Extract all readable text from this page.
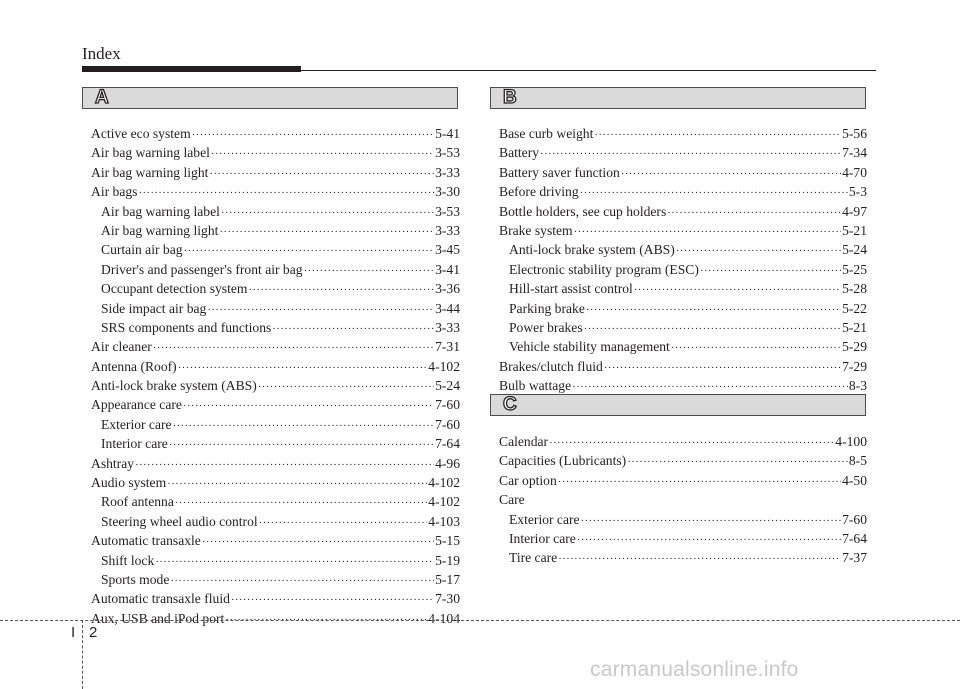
Index
A
Active eco system ·····	5-41
Air bag warning label ·····	3-53
Air bag warning light ·····	3-33
Air bags ·····	3-30
Air bag warning label ·····	3-53
Air bag warning light ·····	3-33
Curtain air bag ·····	3-45
Driver's and passenger's front air bag ·····	3-41
Occupant detection system ·····	3-36
Side impact air bag ·····	3-44
SRS components and functions ·····	3-33
Air cleaner ·····	7-31
Antenna (Roof) ·····	4-102
Anti-lock brake system (ABS) ·····	5-24
Appearance care ·····	7-60
Exterior care ·····	7-60
Interior care ·····	7-64
Ashtray ·····	4-96
Audio system ·····	4-102
Roof antenna ·····	4-102
Steering wheel audio control ·····	4-103
Automatic transaxle ·····	5-15
Shift lock ·····	5-19
Sports mode ·····	5-17
Automatic transaxle fluid ·····	7-30
Aux, USB and iPod port ·····	4-104
B
Base curb weight ·····	5-56
Battery ·····	7-34
Battery saver function ·····	4-70
Before driving ·····	5-3
Bottle holders, see cup holders ·····	4-97
Brake system ·····	5-21
Anti-lock brake system (ABS) ·····	5-24
Electronic stability program (ESC) ·····	5-25
Hill-start assist control ·····	5-28
Parking brake ·····	5-22
Power brakes ·····	5-21
Vehicle stability management ·····	5-29
Brakes/clutch fluid ·····	7-29
Bulb wattage ·····	8-3
C
Calendar ·····	4-100
Capacities (Lubricants) ·····	8-5
Car option ·····	4-50
Care
Exterior care ·····	7-60
Interior care ·····	7-64
Tire care ·····	7-37
I 2
carmanualsonline.info
